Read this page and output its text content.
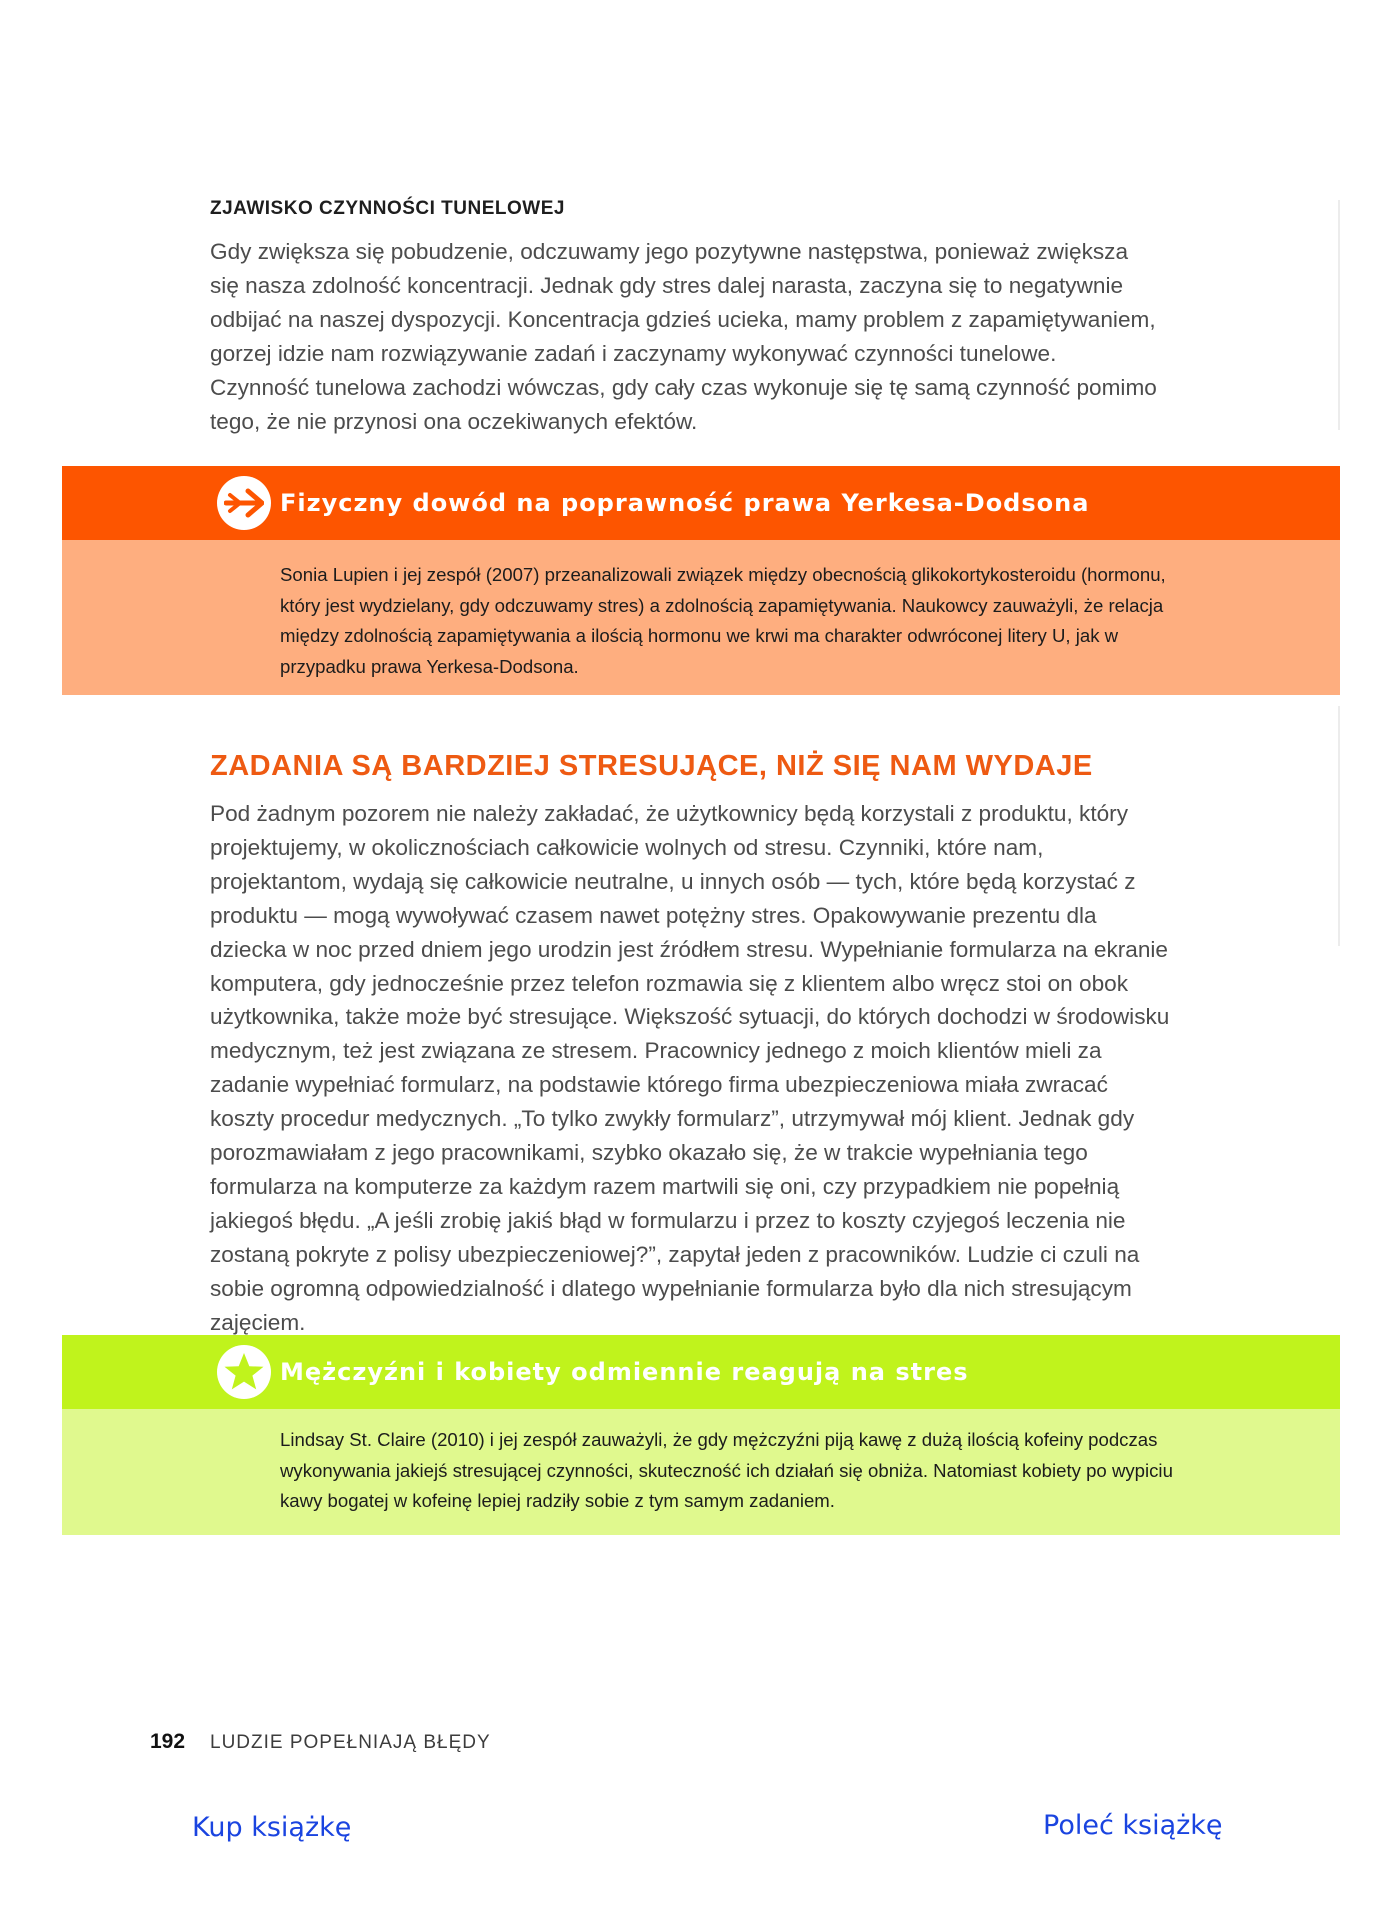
ZJAWISKO CZYNNOŚCI TUNELOWEJ

Gdy zwiększa się pobudzenie, odczuwamy jego pozytywne następstwa, ponieważ zwiększa się nasza zdolność koncentracji. Jednak gdy stres dalej narasta, zaczyna się to negatywnie odbijać na naszej dyspozycji. Koncentracja gdzieś ucieka, mamy problem z zapamiętywaniem, gorzej idzie nam rozwiązywanie zadań i zaczynamy wykonywać czynności tunelowe. Czynność tunelowa zachodzi wówczas, gdy cały czas wykonuje się tę samą czynność pomimo tego, że nie przynosi ona oczekiwanych efektów.

Fizyczny dowód na poprawność prawa Yerkesa-Dodsona

Sonia Lupien i jej zespół (2007) przeanalizowali związek między obecnością glikokortykosteroidu (hormonu, który jest wydzielany, gdy odczuwamy stres) a zdolnością zapamiętywania. Naukowcy zauważyli, że relacja między zdolnością zapamiętywania a ilością hormonu we krwi ma charakter odwróconej litery U, jak w przypadku prawa Yerkesa-Dodsona.

ZADANIA SĄ BARDZIEJ STRESUJĄCE, NIŻ SIĘ NAM WYDAJE

Pod żadnym pozorem nie należy zakładać, że użytkownicy będą korzystali z produktu, który projektujemy, w okolicznościach całkowicie wolnych od stresu. Czynniki, które nam, projektantom, wydają się całkowicie neutralne, u innych osób — tych, które będą korzystać z produktu — mogą wywoływać czasem nawet potężny stres. Opakowywanie prezentu dla dziecka w noc przed dniem jego urodzin jest źródłem stresu. Wypełnianie formularza na ekranie komputera, gdy jednocześnie przez telefon rozmawia się z klientem albo wręcz stoi on obok użytkownika, także może być stresujące. Większość sytuacji, do których dochodzi w środowisku medycznym, też jest związana ze stresem. Pracownicy jednego z moich klientów mieli za zadanie wypełniać formularz, na podstawie którego firma ubezpieczeniowa miała zwracać koszty procedur medycznych. „To tylko zwykły formularz”, utrzymywał mój klient. Jednak gdy porozmawiałam z jego pracownikami, szybko okazało się, że w trakcie wypełniania tego formularza na komputerze za każdym razem martwili się oni, czy przypadkiem nie popełnią jakiegoś błędu. „A jeśli zrobię jakiś błąd w formularzu i przez to koszty czyjegoś leczenia nie zostaną pokryte z polisy ubezpieczeniowej?”, zapytał jeden z pracowników. Ludzie ci czuli na sobie ogromną odpowiedzialność i dlatego wypełnianie formularza było dla nich stresującym zajęciem.

Mężczyźni i kobiety odmiennie reagują na stres

Lindsay St. Claire (2010) i jej zespół zauważyli, że gdy mężczyźni piją kawę z dużą ilością kofeiny podczas wykonywania jakiejś stresującej czynności, skuteczność ich działań się obniża. Natomiast kobiety po wypiciu kawy bogatej w kofeinę lepiej radziły sobie z tym samym zadaniem.

192 LUDZIE POPEŁNIAJĄ BŁĘDY
Kup książkę	Poleć książkę
